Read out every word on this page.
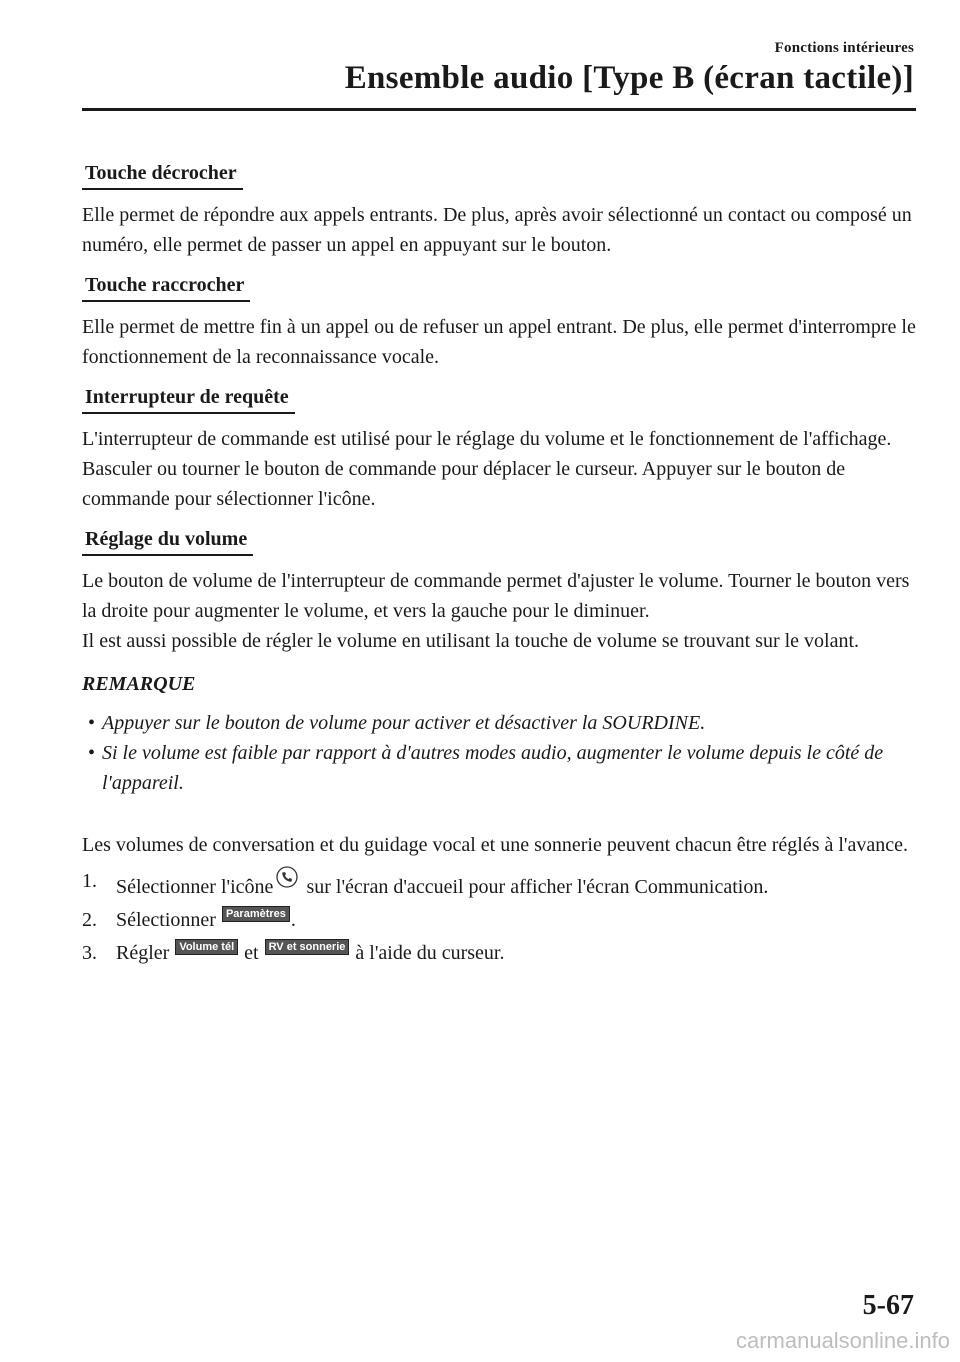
Fonctions intérieures
Ensemble audio [Type B (écran tactile)]
Touche décrocher

Elle permet de répondre aux appels entrants. De plus, après avoir sélectionné un contact ou composé un numéro, elle permet de passer un appel en appuyant sur le bouton.

Touche raccrocher

Elle permet de mettre fin à un appel ou de refuser un appel entrant. De plus, elle permet d'interrompre le fonctionnement de la reconnaissance vocale.

Interrupteur de requête

L'interrupteur de commande est utilisé pour le réglage du volume et le fonctionnement de l'affichage. Basculer ou tourner le bouton de commande pour déplacer le curseur. Appuyer sur le bouton de commande pour sélectionner l'icône.

Réglage du volume

Le bouton de volume de l'interrupteur de commande permet d'ajuster le volume. Tourner le bouton vers la droite pour augmenter le volume, et vers la gauche pour le diminuer.

Il est aussi possible de régler le volume en utilisant la touche de volume se trouvant sur le volant.

REMARQUE
• Appuyer sur le bouton de volume pour activer et désactiver la SOURDINE.
• Si le volume est faible par rapport à d'autres modes audio, augmenter le volume depuis le côté de l'appareil.

Les volumes de conversation et du guidage vocal et une sonnerie peuvent chacun être réglés à l'avance.

1. Sélectionner l'icône sur l'écran d'accueil pour afficher l'écran Communication.
2. Sélectionner Paramètres .
3. Régler Volume tél et RV et sonnerie à l'aide du curseur.
5-67
carmanualsonline.info
